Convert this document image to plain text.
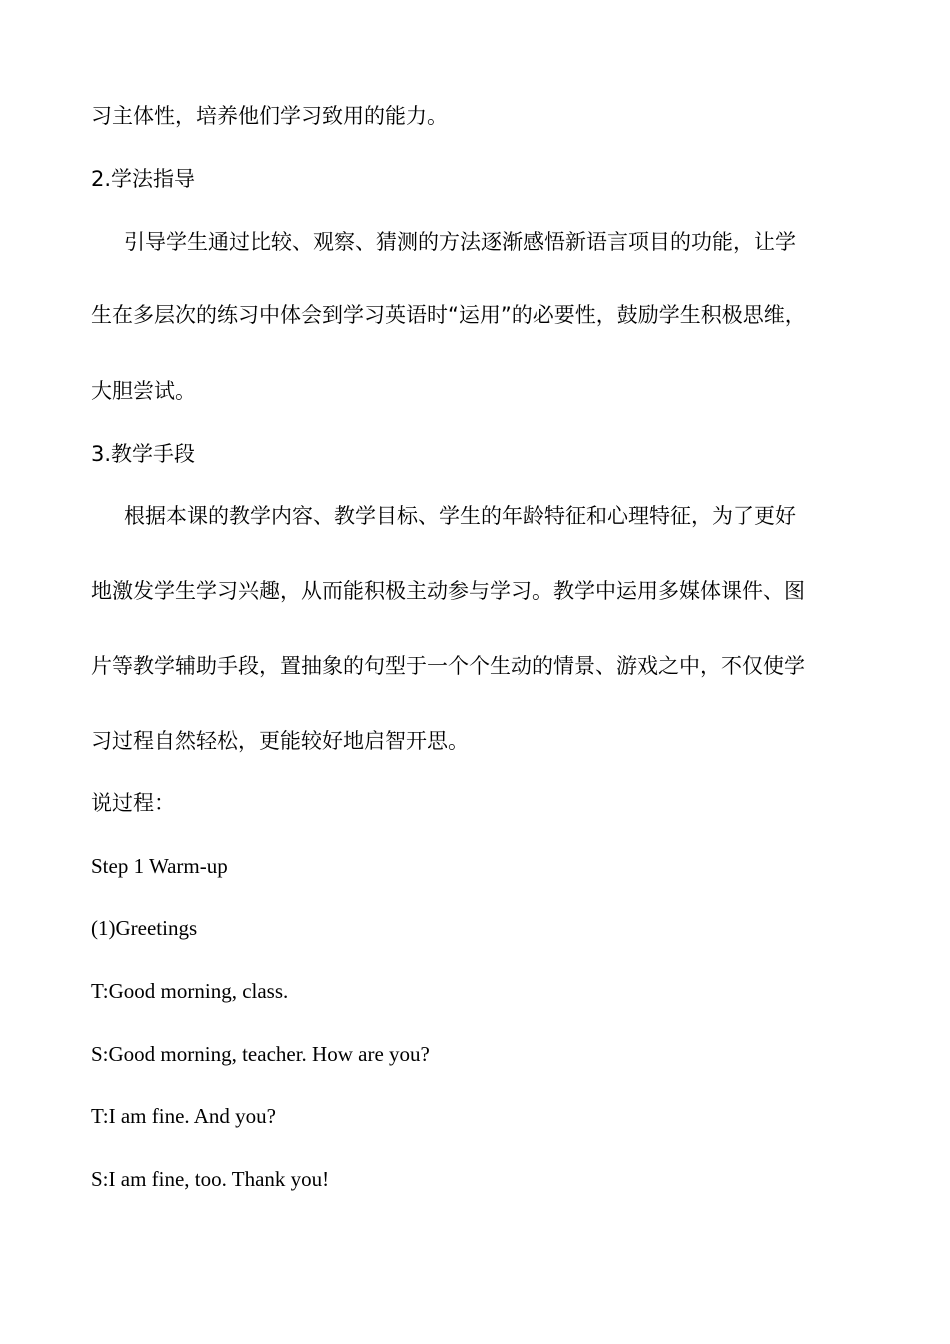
习主体性，培养他们学习致用的能力。
2.学法指导
引导学生通过比较、观察、猜测的方法逐渐感悟新语言项目的功能，让学
生在多层次的练习中体会到学习英语时“运用”的必要性，鼓励学生积极思维，
大胆尝试。
3.教学手段
根据本课的教学内容、教学目标、学生的年龄特征和心理特征，为了更好
地激发学生学习兴趣，从而能积极主动参与学习。教学中运用多媒体课件、图
片等教学辅助手段，置抽象的句型于一个个生动的情景、游戏之中，不仅使学
习过程自然轻松，更能较好地启智开思。
说过程：
Step 1 Warm-up
(1)Greetings
T:Good morning, class.
S:Good morning, teacher. How are you?
T:I am fine. And you?
S:I am fine, too. Thank you!
